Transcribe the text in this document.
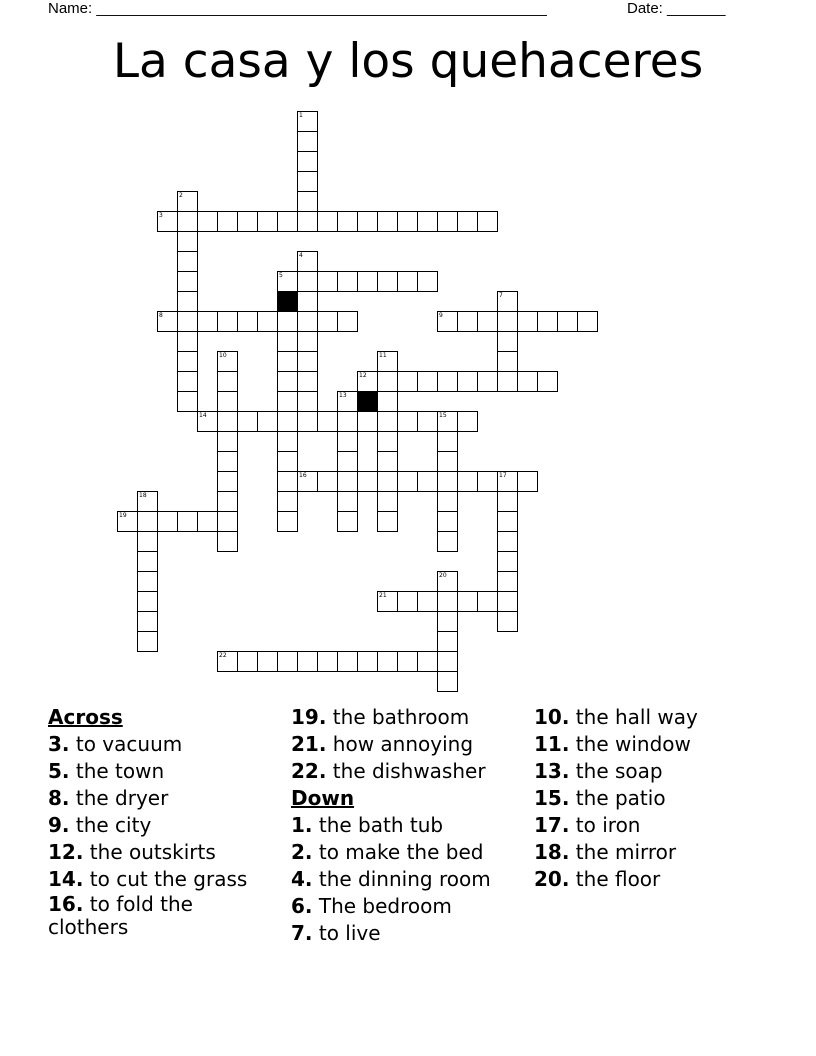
Name: ______________________________________________________	Date: _______
La casa y los quehaceres
3
5
8	9
12
14	15
16	17
19
21
22
1
2
4
6	7
10	11
13
18
20
Across
3. to vacuum
5. the town
8. the dryer
9. the city
12. the outskirts
14. to cut the grass
16. to fold the clothers
19. the bathroom
21. how annoying
22. the dishwasher
Down
1. the bath tub
2. to make the bed
4. the dinning room
6. The bedroom
7. to live
10. the hall way
11. the window
13. the soap
15. the patio
17. to iron
18. the mirror
20. the floor
